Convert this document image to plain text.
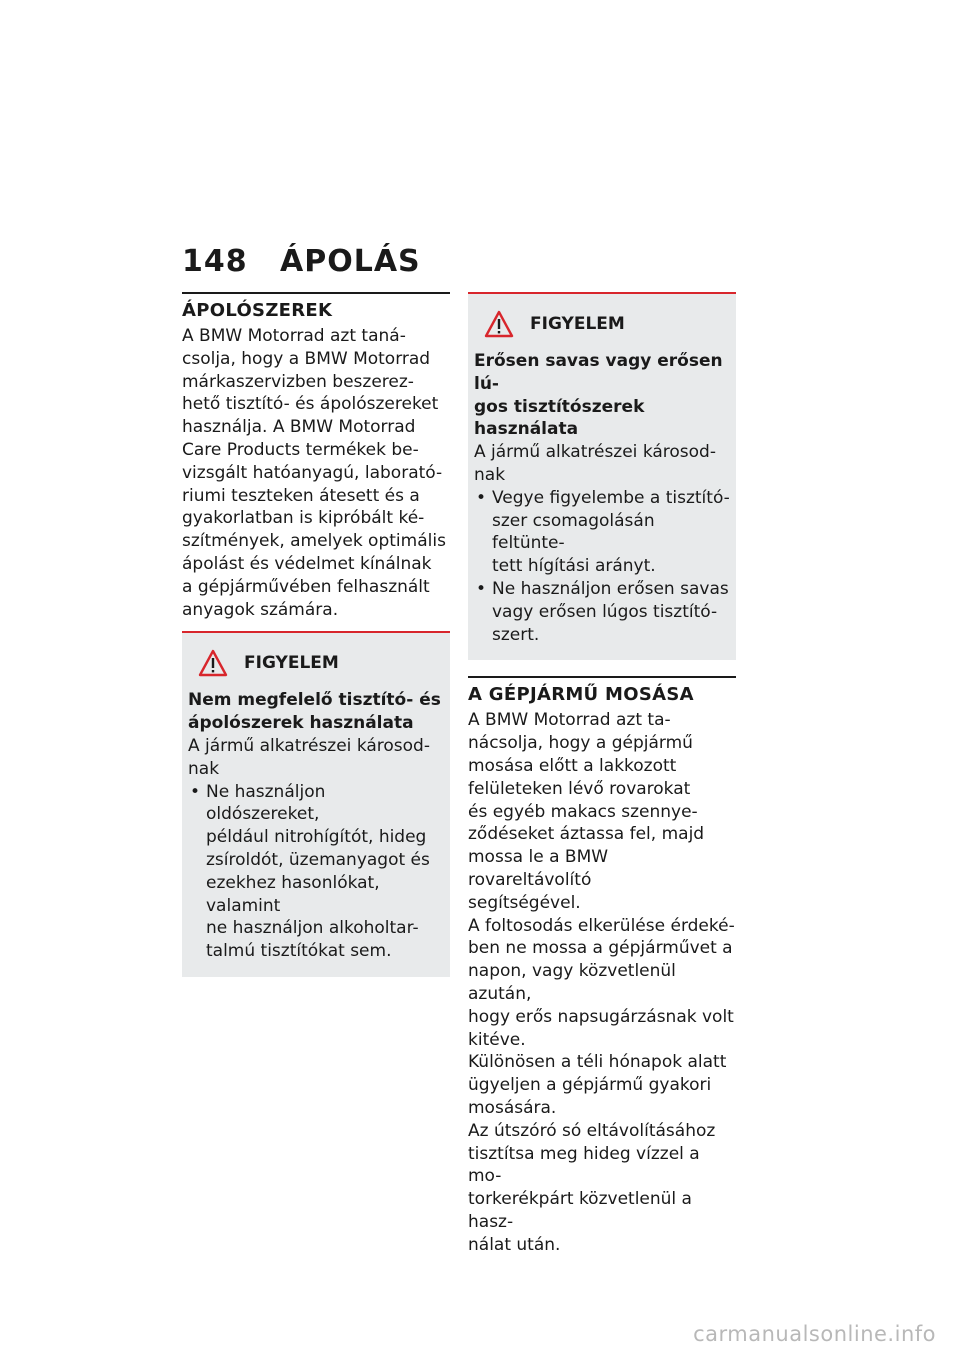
148 ÁPOLÁS
ÁPOLÓSZEREK

A BMW Motorrad azt taná-
csolja, hogy a BMW Motorrad
márkaszervizben beszerez-
hető tisztító- és ápolószereket
használja. A BMW Motorrad
Care Products termékek be-
vizsgált hatóanyagú, laborató-
riumi teszteken átesett és a
gyakorlatban is kipróbált ké-
szítmények, amelyek optimális
ápolást és védelmet kínálnak
a gépjárművében felhasznált
anyagok számára.

FIGYELEM

Nem megfelelő tisztító- és
ápolószerek használata

A jármű alkatrészei károsod-
nak

• Ne használjon oldószereket,
például nitrohígítót, hideg
zsíroldót, üzemanyagot és
ezekhez hasonlókat, valamint
ne használjon alkoholtar-
talmú tisztítókat sem.
FIGYELEM

Erősen savas vagy erősen lú-
gos tisztítószerek használata

A jármű alkatrészei károsod-
nak

• Vegye figyelembe a tisztító-
szer csomagolásán feltünte-
tett hígítási arányt.
• Ne használjon erősen savas
vagy erősen lúgos tisztító-
szert.
A GÉPJÁRMŰ MOSÁSA

A BMW Motorrad azt ta-
nácsolja, hogy a gépjármű
mosása előtt a lakkozott
felületeken lévő rovarokat
és egyéb makacs szennye-
ződéseket áztassa fel, majd
mossa le a BMW rovareltávolító
segítségével.

A foltosodás elkerülése érdeké-
ben ne mossa a gépjárművet a
napon, vagy közvetlenül azután,
hogy erős napsugárzásnak volt
kitéve.

Különösen a téli hónapok alatt
ügyeljen a gépjármű gyakori
mosására.

Az útszóró só eltávolításához
tisztítsa meg hideg vízzel a mo-
torkerékpárt közvetlenül a hasz-
nálat után.

carmanualsonline.info
